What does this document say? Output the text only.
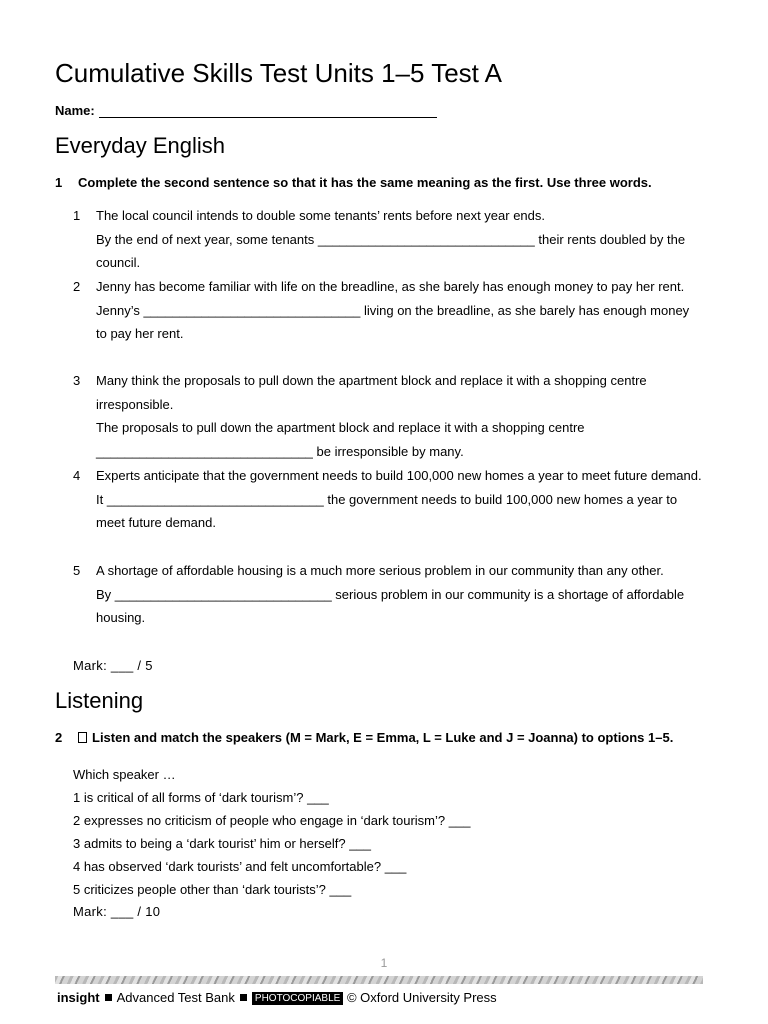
Cumulative Skills Test Units 1–5 Test A
Name:
Everyday English
1 Complete the second sentence so that it has the same meaning as the first. Use three words.
1 The local council intends to double some tenants’ rents before next year ends.
By the end of next year, some tenants ______________________________ their rents doubled by the council.
2 Jenny has become familiar with life on the breadline, as she barely has enough money to pay her rent.
Jenny’s ______________________________ living on the breadline, as she barely has enough money to pay her rent.
3 Many think the proposals to pull down the apartment block and replace it with a shopping centre irresponsible.
The proposals to pull down the apartment block and replace it with a shopping centre ______________________________ be irresponsible by many.
4 Experts anticipate that the government needs to build 100,000 new homes a year to meet future demand.
It ______________________________ the government needs to build 100,000 new homes a year to meet future demand.
5 A shortage of affordable housing is a much more serious problem in our community than any other.
By ______________________________ serious problem in our community is a shortage of affordable housing.
Mark: ___ / 5
Listening
2	Listen and match the speakers (M = Mark, E = Emma, L = Luke and J = Joanna) to options 1–5.
Which speaker …
1 is critical of all forms of ‘dark tourism’? ___
2 expresses no criticism of people who engage in ‘dark tourism’? ___
3 admits to being a ‘dark tourist’ him or herself? ___
4 has observed ‘dark tourists’ and felt uncomfortable? ___
5 criticizes people other than ‘dark tourists’? ___
Mark: ___ / 10
1
insight Advanced Test Bank PHOTOCOPIABLE © Oxford University Press
